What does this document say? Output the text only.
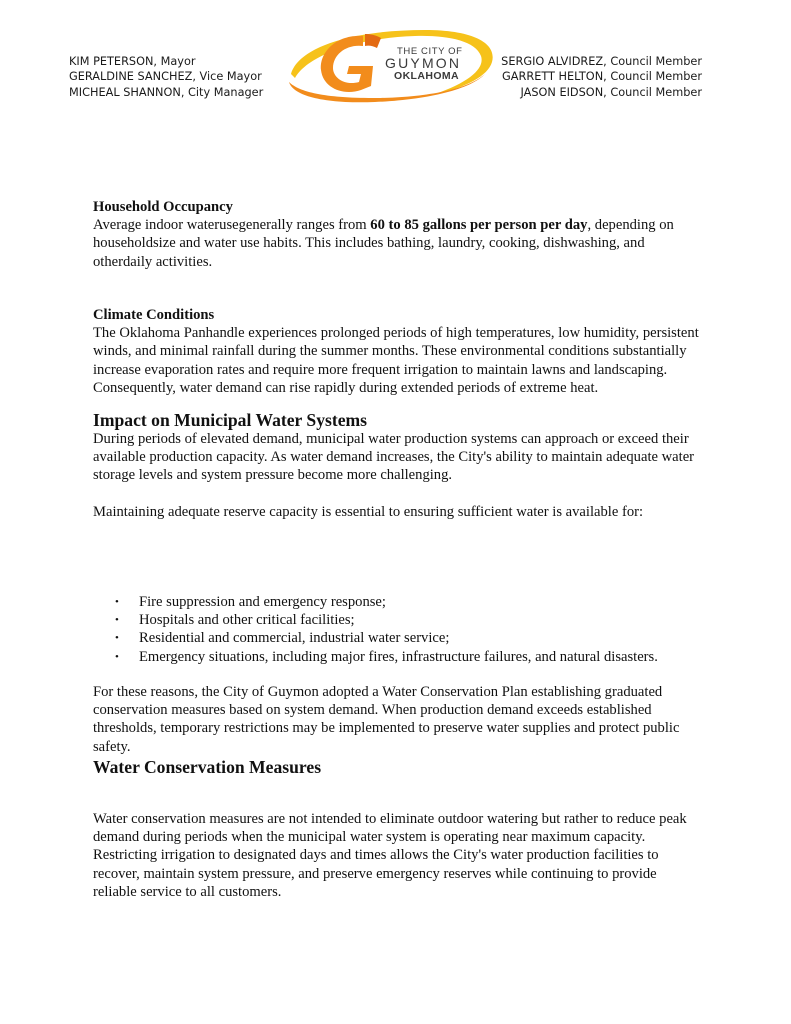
KIM PETERSON, Mayor
GERALDINE SANCHEZ, Vice Mayor
MICHEAL SHANNON, City Manager
THE CITY OF
GUYMON
OKLAHOMA
SERGIO ALVIDREZ, Council Member
GARRETT HELTON, Council Member
JASON EIDSON, Council Member

Household Occupancy

Average indoor waterusegenerally ranges from 60 to 85 gallons per person per day, depending on householdsize and water use habits. This includes bathing, laundry, cooking, dishwashing, and otherdaily activities.

Climate Conditions

The Oklahoma Panhandle experiences prolonged periods of high temperatures, low humidity, persistent winds, and minimal rainfall during the summer months. These environmental conditions substantially increase evaporation rates and require more frequent irrigation to maintain lawns and landscaping. Consequently, water demand can rise rapidly during extended periods of extreme heat.

Impact on Municipal Water Systems

During periods of elevated demand, municipal water production systems can approach or exceed their available production capacity. As water demand increases, the City's ability to maintain adequate water storage levels and system pressure become more challenging.

Maintaining adequate reserve capacity is essential to ensuring sufficient water is available for:

• Fire suppression and emergency response;
• Hospitals and other critical facilities;
• Residential and commercial, industrial water service;
• Emergency situations, including major fires, infrastructure failures, and natural disasters.

For these reasons, the City of Guymon adopted a Water Conservation Plan establishing graduated conservation measures based on system demand. When production demand exceeds established thresholds, temporary restrictions may be implemented to preserve water supplies and protect public safety.

Water Conservation Measures

Water conservation measures are not intended to eliminate outdoor watering but rather to reduce peak demand during periods when the municipal water system is operating near maximum capacity. Restricting irrigation to designated days and times allows the City's water production facilities to recover, maintain system pressure, and preserve emergency reserves while continuing to provide reliable service to all customers.
